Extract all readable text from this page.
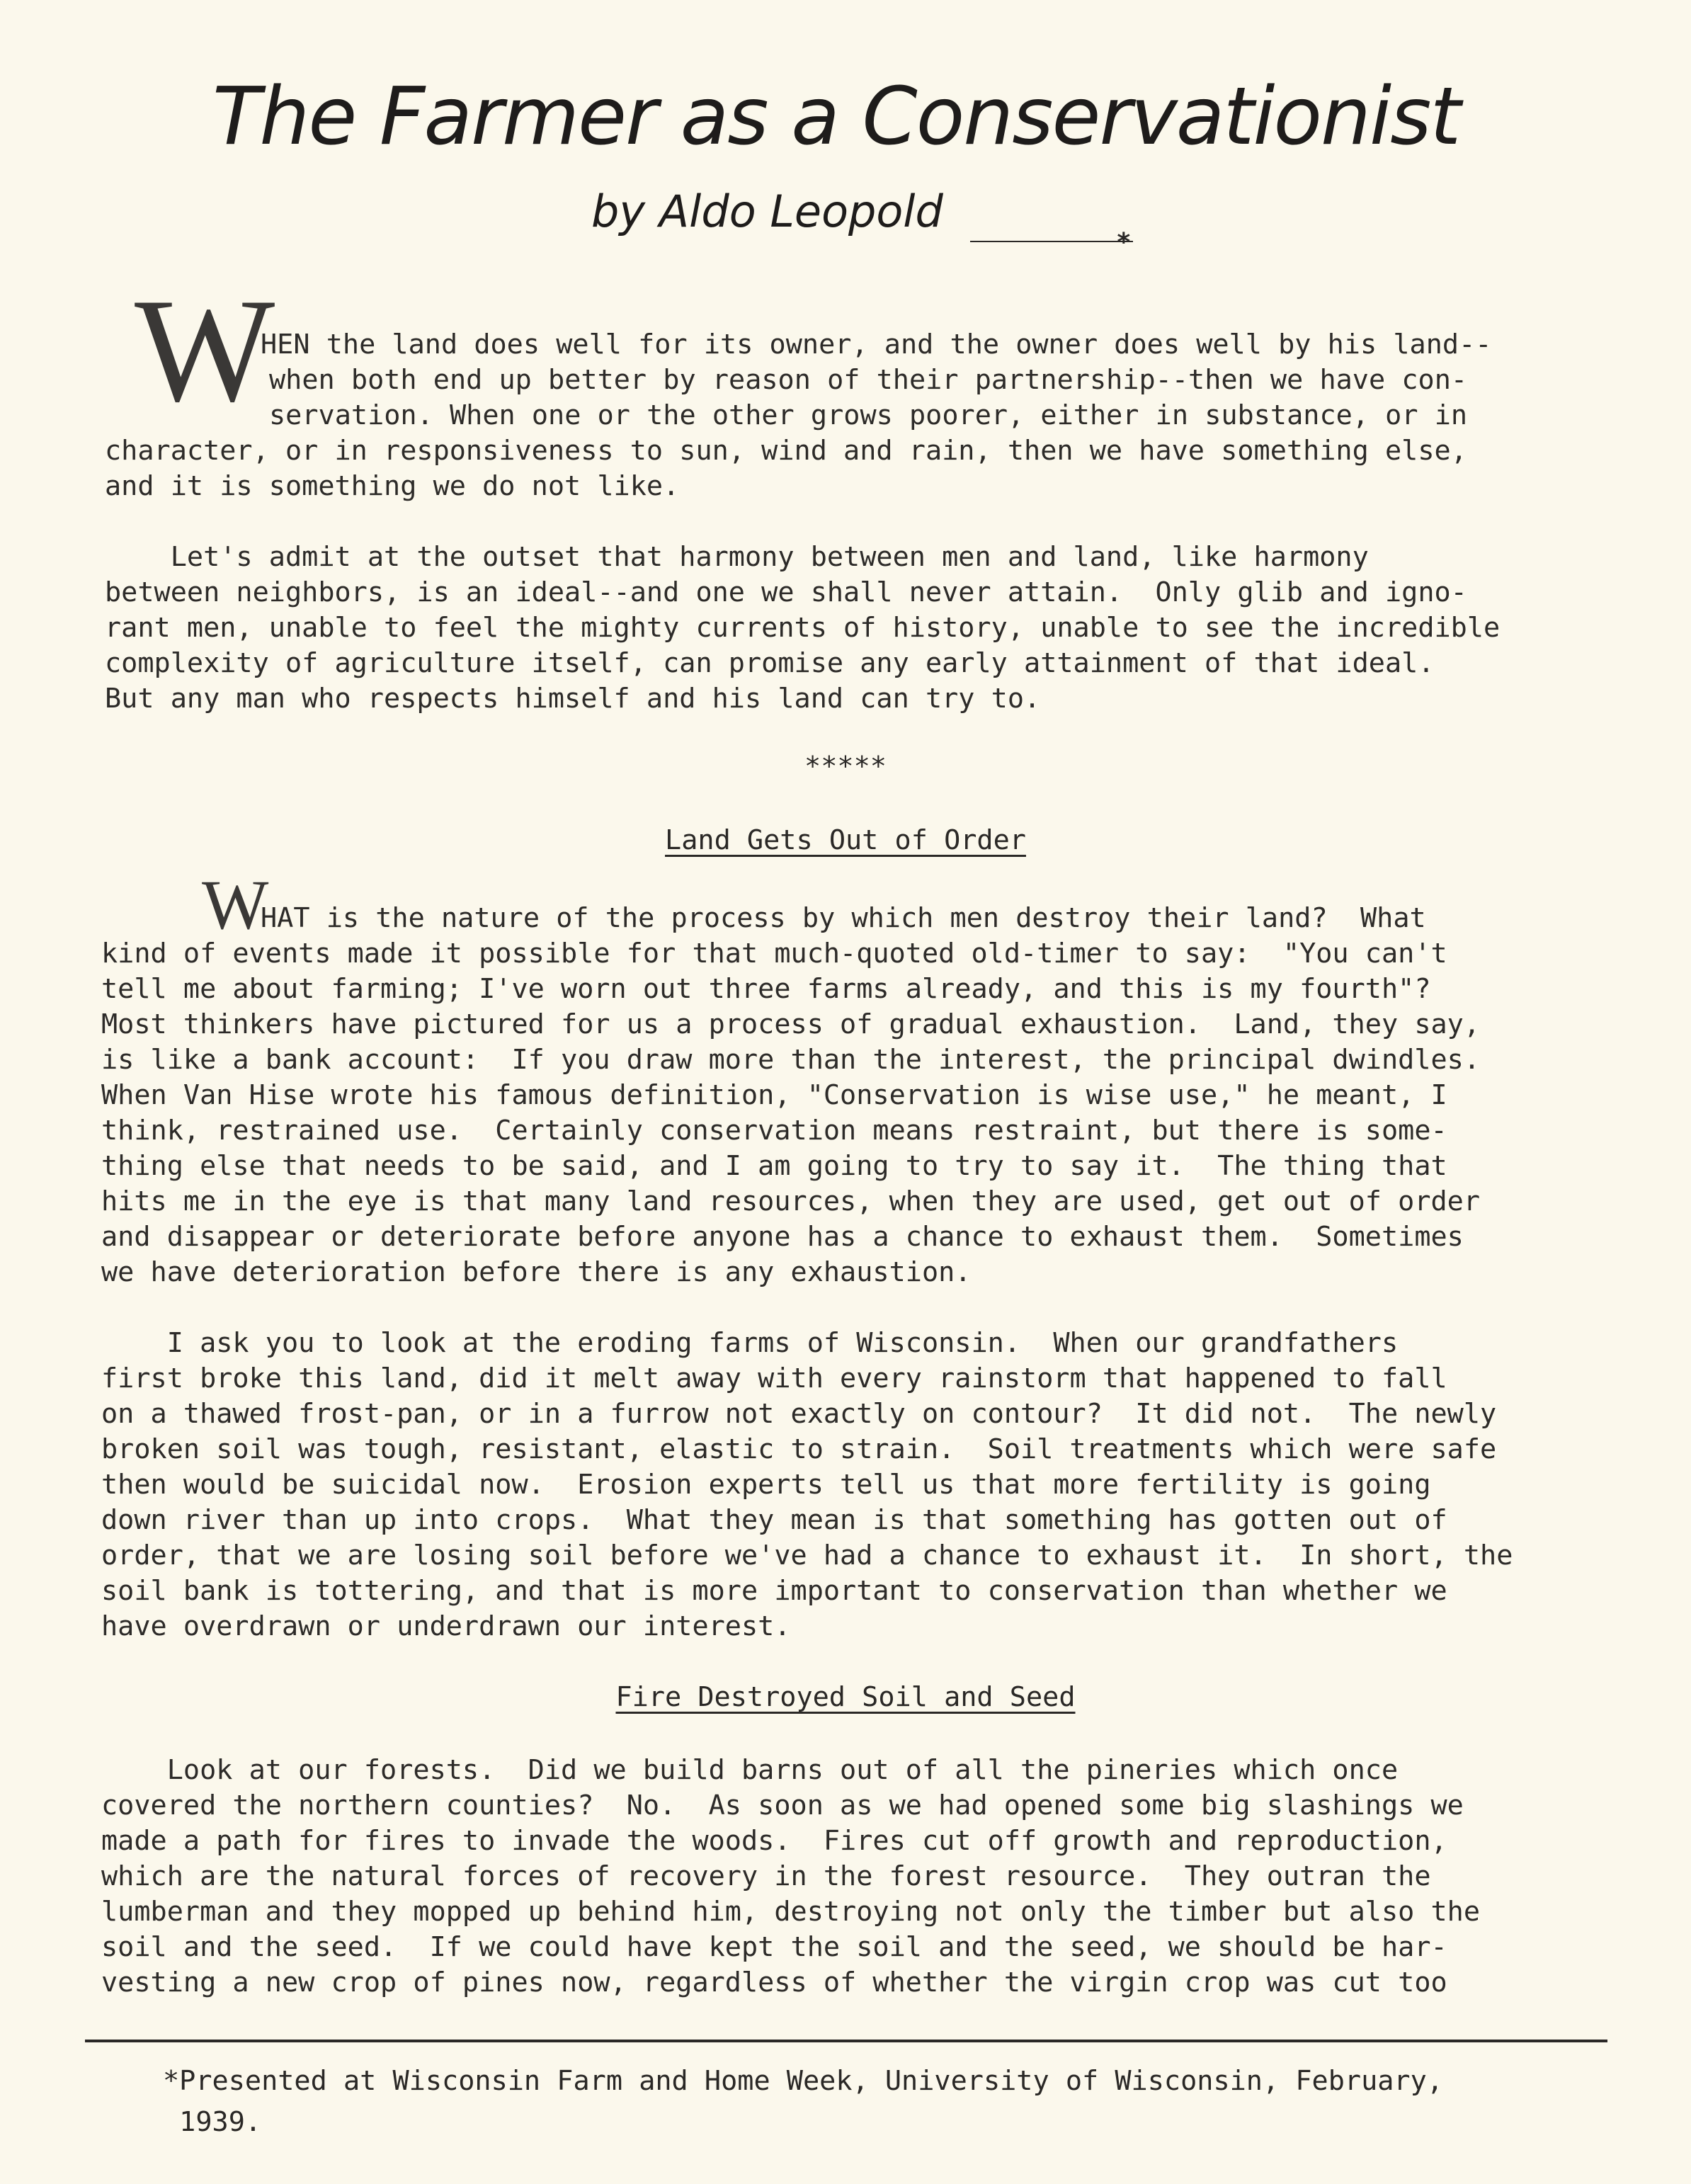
The Farmer as a Conservationist
by Aldo Leopold
*
W
HEN the land does well for its owner, and the owner does well by his land--
when both end up better by reason of their partnership--then we have con-
servation. When one or the other grows poorer, either in substance, or in
character, or in responsiveness to sun, wind and rain, then we have something else,
and it is something we do not like.
Let's admit at the outset that harmony between men and land, like harmony
between neighbors, is an ideal--and one we shall never attain.  Only glib and igno-
rant men, unable to feel the mighty currents of history, unable to see the incredible
complexity of agriculture itself, can promise any early attainment of that ideal.
But any man who respects himself and his land can try to.
*****
Land Gets Out of Order
W
HAT is the nature of the process by which men destroy their land?  What
kind of events made it possible for that much-quoted old-timer to say:  "You can't
tell me about farming; I've worn out three farms already, and this is my fourth"?
Most thinkers have pictured for us a process of gradual exhaustion.  Land, they say,
is like a bank account:  If you draw more than the interest, the principal dwindles.
When Van Hise wrote his famous definition, "Conservation is wise use," he meant, I
think, restrained use.  Certainly conservation means restraint, but there is some-
thing else that needs to be said, and I am going to try to say it.  The thing that
hits me in the eye is that many land resources, when they are used, get out of order
and disappear or deteriorate before anyone has a chance to exhaust them.  Sometimes
we have deterioration before there is any exhaustion.
I ask you to look at the eroding farms of Wisconsin.  When our grandfathers
first broke this land, did it melt away with every rainstorm that happened to fall
on a thawed frost-pan, or in a furrow not exactly on contour?  It did not.  The newly
broken soil was tough, resistant, elastic to strain.  Soil treatments which were safe
then would be suicidal now.  Erosion experts tell us that more fertility is going
down river than up into crops.  What they mean is that something has gotten out of
order, that we are losing soil before we've had a chance to exhaust it.  In short, the
soil bank is tottering, and that is more important to conservation than whether we
have overdrawn or underdrawn our interest.
Fire Destroyed Soil and Seed
Look at our forests.  Did we build barns out of all the pineries which once
covered the northern counties?  No.  As soon as we had opened some big slashings we
made a path for fires to invade the woods.  Fires cut off growth and reproduction,
which are the natural forces of recovery in the forest resource.  They outran the
lumberman and they mopped up behind him, destroying not only the timber but also the
soil and the seed.  If we could have kept the soil and the seed, we should be har-
vesting a new crop of pines now, regardless of whether the virgin crop was cut too
*Presented at Wisconsin Farm and Home Week, University of Wisconsin, February,
1939.
